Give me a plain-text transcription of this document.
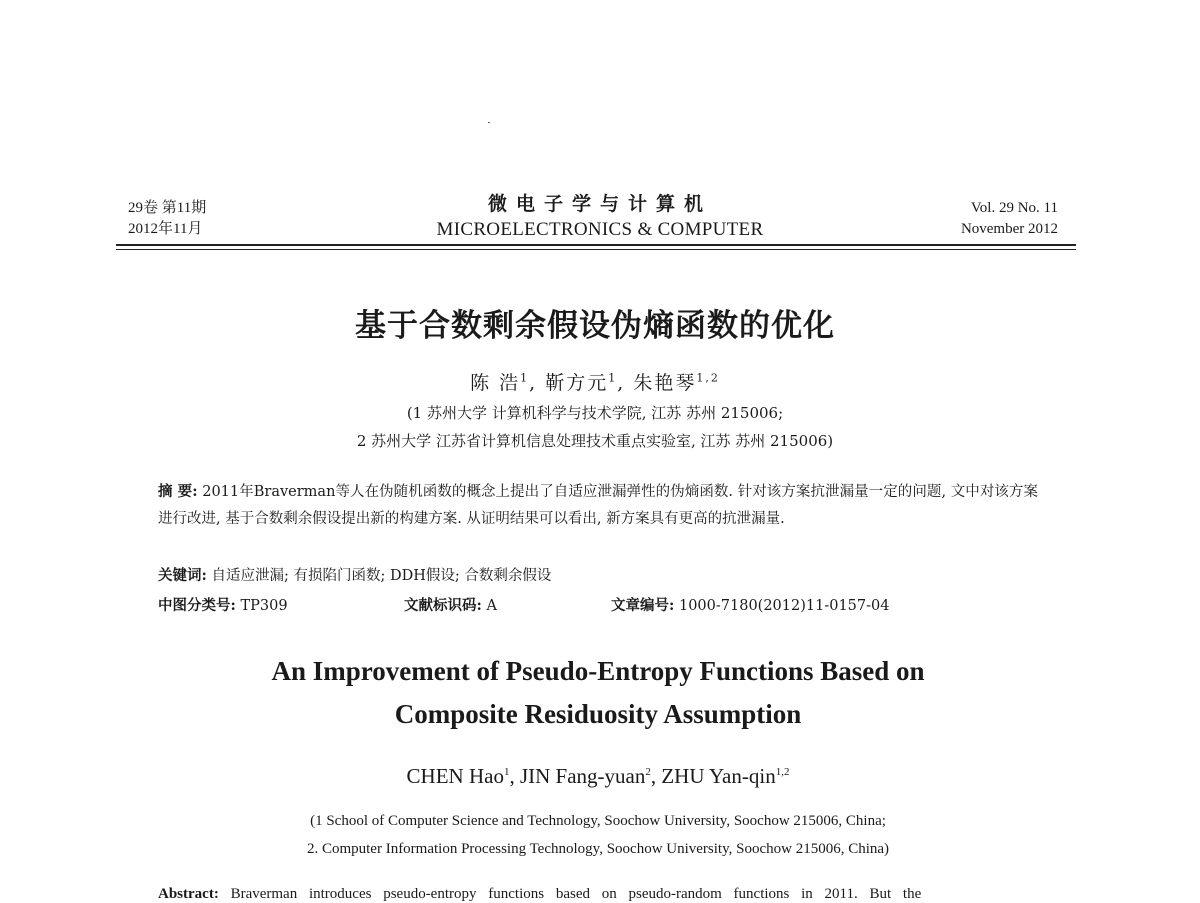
29卷 第11期
2012年11月
微电子学与计算机
MICROELECTRONICS & COMPUTER
Vol. 29 No. 11
November 2012
基于合数剩余假设伪熵函数的优化
陈 浩$^1$, 靳方元$^1$, 朱艳琴$^{1,2}$
(1 苏州大学 计算机科学与技术学院, 江苏 苏州 215006;
2 苏州大学 江苏省计算机信息处理技术重点实验室, 江苏 苏州 215006)
摘 要: 2011年Braverman等人在伪随机函数的概念上提出了自适应泄漏弹性的伪熵函数. 针对该方案抗泄漏量一定的问题, 文中对该方案进行改进, 基于合数剩余假设提出新的构建方案. 从证明结果可以看出, 新方案具有更高的抗泄漏量.
关键词: 自适应泄漏; 有损陷门函数; DDH假设; 合数剩余假设
中图分类号: TP309	文献标识码: A	文章编号: 1000-7180(2012)11-0157-04
An Improvement of Pseudo-Entropy Functions Based on
Composite Residuosity Assumption
CHEN Hao$^1$, JIN Fang-yuan$^2$, ZHU Yan-qin$^{1,2}$
(1 School of Computer Science and Technology, Soochow University, Soochow 215006, China;
2. Computer Information Processing Technology, Soochow University, Soochow 215006, China)
Abstract: Braverman introduces pseudo-entropy functions based on pseudo-random functions in 2011. But the
